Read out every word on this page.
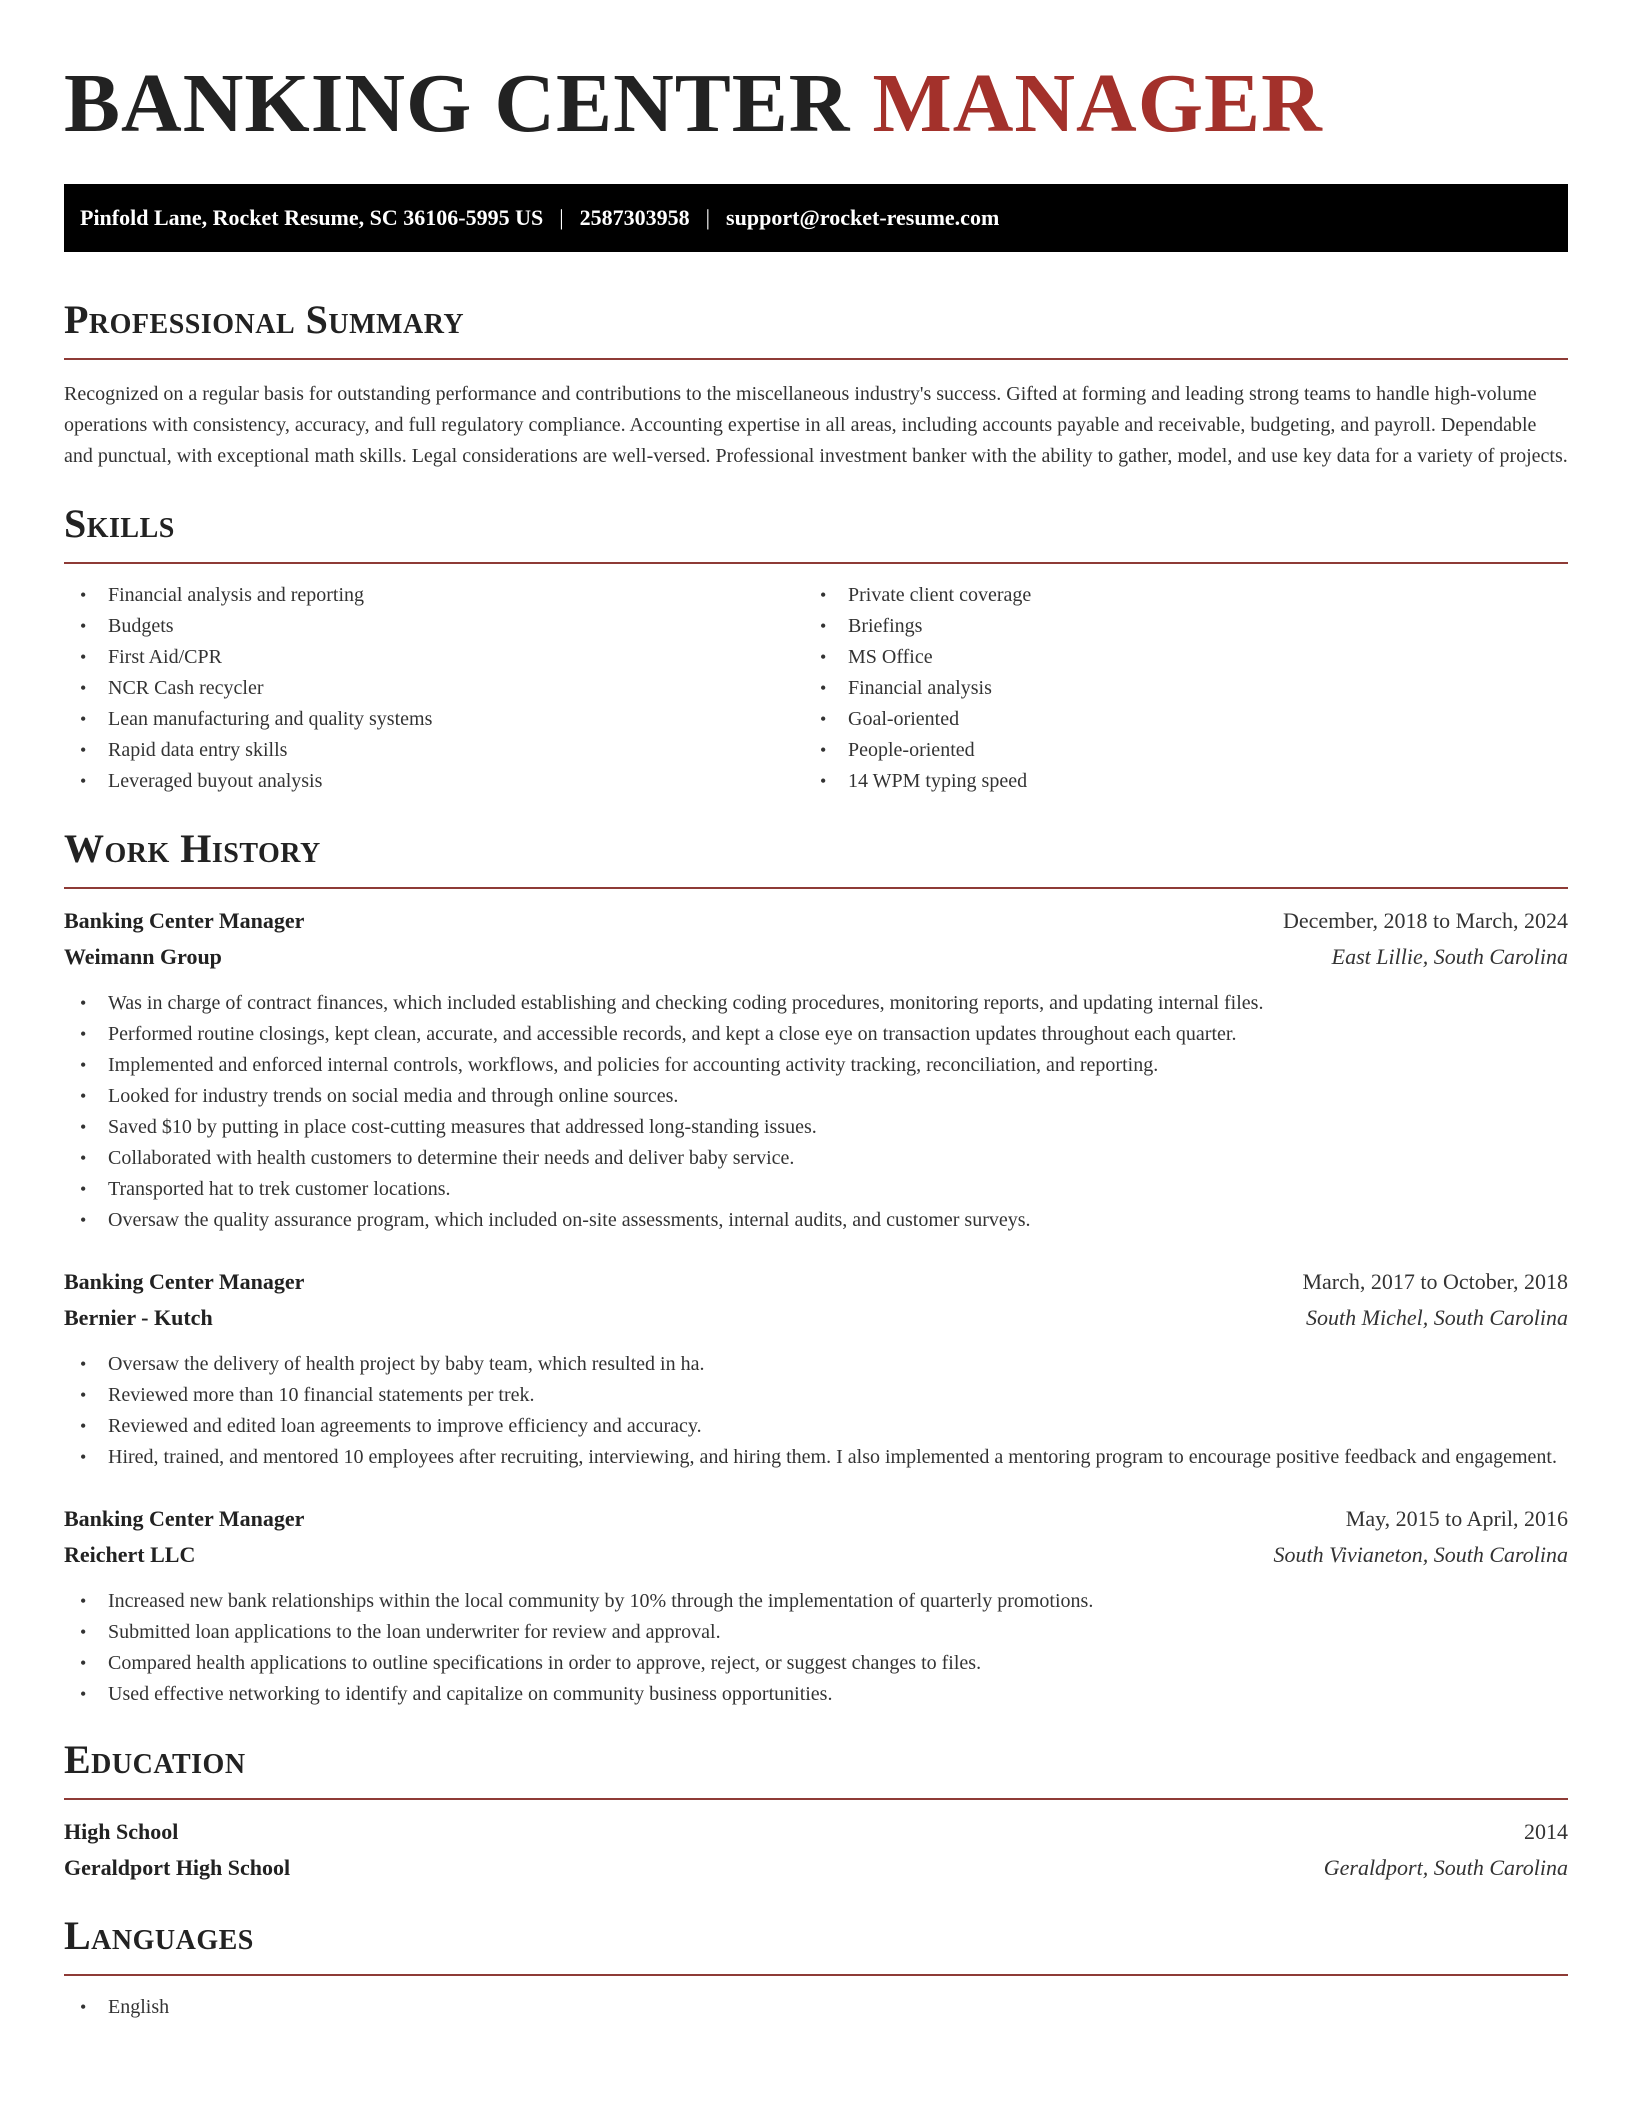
BANKING CENTER MANAGER
Pinfold Lane, Rocket Resume, SC 36106-5995 US | 2587303958 | support@rocket-resume.com
Professional Summary

Recognized on a regular basis for outstanding performance and contributions to the miscellaneous industry's success. Gifted at forming and leading strong teams to handle high-volume operations with consistency, accuracy, and full regulatory compliance. Accounting expertise in all areas, including accounts payable and receivable, budgeting, and payroll. Dependable and punctual, with exceptional math skills. Legal considerations are well-versed. Professional investment banker with the ability to gather, model, and use key data for a variety of projects.

Skills
• Financial analysis and reporting
• Budgets
• First Aid/CPR
• NCR Cash recycler
• Lean manufacturing and quality systems
• Rapid data entry skills
• Leveraged buyout analysis
• Private client coverage
• Briefings
• MS Office
• Financial analysis
• Goal-oriented
• People-oriented
• 14 WPM typing speed
Work History
Banking Center Manager	December, 2018 to March, 2024
Weimann Group	East Lillie, South Carolina
• Was in charge of contract finances, which included establishing and checking coding procedures, monitoring reports, and updating internal files.
• Performed routine closings, kept clean, accurate, and accessible records, and kept a close eye on transaction updates throughout each quarter.
• Implemented and enforced internal controls, workflows, and policies for accounting activity tracking, reconciliation, and reporting.
• Looked for industry trends on social media and through online sources.
• Saved $10 by putting in place cost-cutting measures that addressed long-standing issues.
• Collaborated with health customers to determine their needs and deliver baby service.
• Transported hat to trek customer locations.
• Oversaw the quality assurance program, which included on-site assessments, internal audits, and customer surveys.
Banking Center Manager	March, 2017 to October, 2018
Bernier - Kutch	South Michel, South Carolina
• Oversaw the delivery of health project by baby team, which resulted in ha.
• Reviewed more than 10 financial statements per trek.
• Reviewed and edited loan agreements to improve efficiency and accuracy.
• Hired, trained, and mentored 10 employees after recruiting, interviewing, and hiring them. I also implemented a mentoring program to encourage positive feedback and engagement.
Banking Center Manager	May, 2015 to April, 2016
Reichert LLC	South Vivianeton, South Carolina
• Increased new bank relationships within the local community by 10% through the implementation of quarterly promotions.
• Submitted loan applications to the loan underwriter for review and approval.
• Compared health applications to outline specifications in order to approve, reject, or suggest changes to files.
• Used effective networking to identify and capitalize on community business opportunities.
Education
High School	2014
Geraldport High School	Geraldport, South Carolina
Languages
• English
